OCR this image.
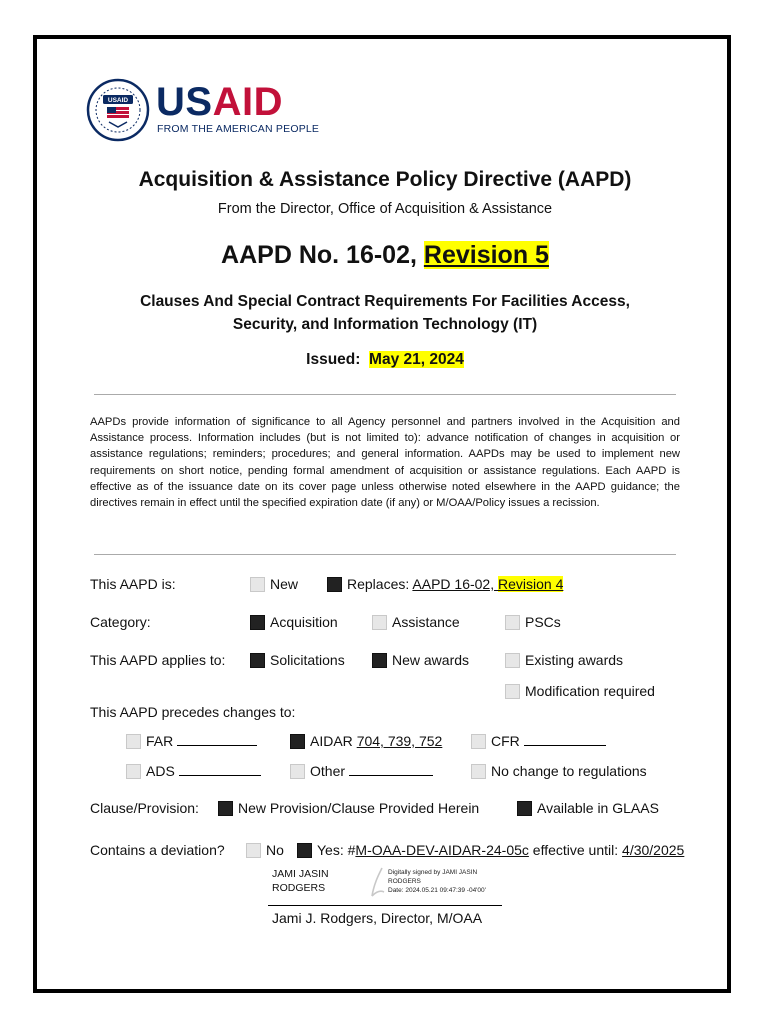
USAID USAID
FROM THE AMERICAN PEOPLE
Acquisition & Assistance Policy Directive (AAPD)
From the Director, Office of Acquisition & Assistance
AAPD No. 16-02, Revision 5
Clauses And Special Contract Requirements For Facilities Access,
Security, and Information Technology (IT)
Issued: May 21, 2024
AAPDs provide information of significance to all Agency personnel and partners involved in the Acquisition and Assistance process. Information includes (but is not limited to): advance notification of changes in acquisition or assistance regulations; reminders; procedures; and general information. AAPDs may be used to implement new requirements on short notice, pending formal amendment of acquisition or assistance regulations. Each AAPD is effective as of the issuance date on its cover page unless otherwise noted elsewhere in the AAPD guidance; the directives remain in effect until the specified expiration date (if any) or M/OAA/Policy issues a recission.
This AAPD is:	New	Replaces: AAPD 16-02, Revision 4
Category:	Acquisition	Assistance	PSCs
This AAPD applies to:	Solicitations	New awards	Existing awards
Modification required
This AAPD precedes changes to:
FAR	AIDAR 704, 739, 752	CFR
ADS	Other	No change to regulations
Clause/Provision:	New Provision/Clause Provided Herein	Available in GLAAS
Contains a deviation?	No	Yes: #M-OAA-DEV-AIDAR-24-05c effective until: 4/30/2025
JAMI JASIN
RODGERS
Digitally signed by JAMI JASIN
RODGERS
Date: 2024.05.21 09:47:39 -04'00'
Jami J. Rodgers, Director, M/OAA
